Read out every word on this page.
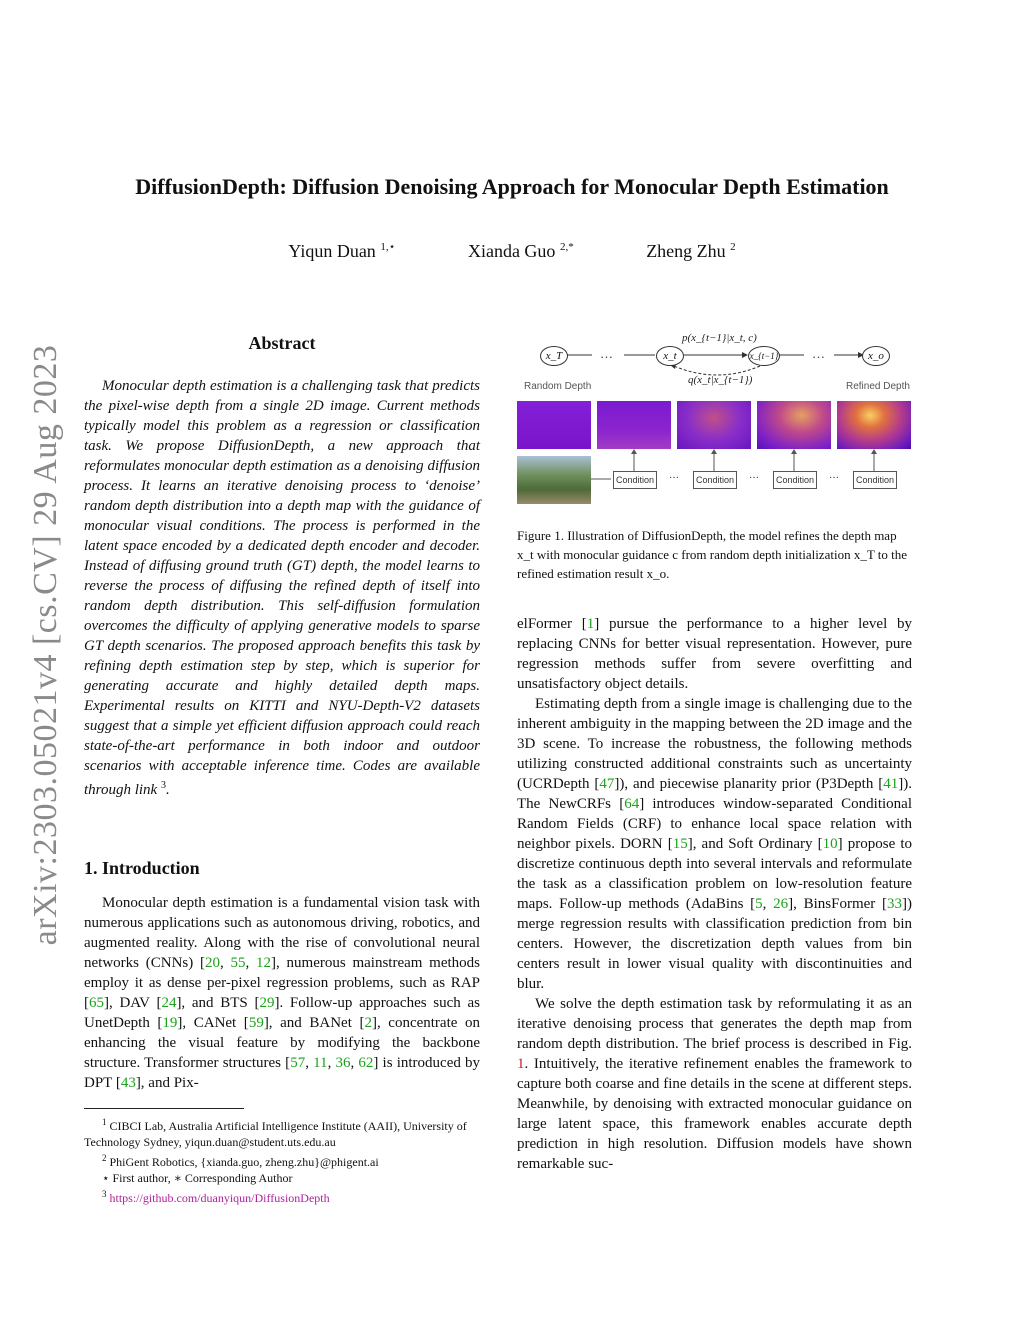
arXiv:2303.05021v4 [cs.CV] 29 Aug 2023
DiffusionDepth: Diffusion Denoising Approach for Monocular Depth Estimation
Yiqun Duan $^{1,⋆}$	Xianda Guo $^{2,*}$	Zheng Zhu $^2$
Abstract
Monocular depth estimation is a challenging task that predicts the pixel-wise depth from a single 2D image. Current methods typically model this problem as a regression or classification task. We propose DiffusionDepth, a new approach that reformulates monocular depth estimation as a denoising diffusion process. It learns an iterative denoising process to ‘denoise’ random depth distribution into a depth map with the guidance of monocular visual conditions. The process is performed in the latent space encoded by a dedicated depth encoder and decoder. Instead of diffusing ground truth (GT) depth, the model learns to reverse the process of diffusing the refined depth of itself into random depth distribution. This self-diffusion formulation overcomes the difficulty of applying generative models to sparse GT depth scenarios. The proposed approach benefits this task by refining depth estimation step by step, which is superior for generating accurate and highly detailed depth maps. Experimental results on KITTI and NYU-Depth-V2 datasets suggest that a simple yet efficient diffusion approach could reach state-of-the-art performance in both indoor and outdoor scenarios with acceptable inference time. Codes are available through link $^3$.
1. Introduction

Monocular depth estimation is a fundamental vision task with numerous applications such as autonomous driving, robotics, and augmented reality. Along with the rise of convolutional neural networks (CNNs) [20, 55, 12], numerous mainstream methods employ it as dense per-pixel regression problems, such as RAP [65], DAV [24], and BTS [29]. Follow-up approaches such as UnetDepth [19], CANet [59], and BANet [2], concentrate on enhancing the visual feature by modifying the backbone structure. Transformer structures [57, 11, 36, 62] is introduced by DPT [43], and Pix-

$^1$ CIBCI Lab, Australia Artificial Intelligence Institute (AAII), University of Technology Sydney, yiqun.duan@student.uts.edu.au
$^2$ PhiGent Robotics, {xianda.guo, zheng.zhu}@phigent.ai
⋆ First author, ∗ Corresponding Author
$^3$ https://github.com/duanyiqun/DiffusionDepth
x_T	…	x_t	x_{t−1}	…	x_o
p(x_{t−1}|x_t, c)
q(x_t|x_{t−1})
Random Depth	Refined Depth
Condition …	Condition …	Condition …	Condition
Figure 1. Illustration of DiffusionDepth, the model refines the depth map x_t with monocular guidance c from random depth initialization x_T to the refined estimation result x_o.

elFormer [1] pursue the performance to a higher level by replacing CNNs for better visual representation. However, pure regression methods suffer from severe overfitting and unsatisfactory object details.

Estimating depth from a single image is challenging due to the inherent ambiguity in the mapping between the 2D image and the 3D scene. To increase the robustness, the following methods utilizing constructed additional constraints such as uncertainty (UCRDepth [47]), and piecewise planarity prior (P3Depth [41]). The NewCRFs [64] introduces window-separated Conditional Random Fields (CRF) to enhance local space relation with neighbor pixels. DORN [15], and Soft Ordinary [10] propose to discretize continuous depth into several intervals and reformulate the task as a classification problem on low-resolution feature maps. Follow-up methods (AdaBins [5, 26], BinsFormer [33]) merge regression results with classification prediction from bin centers. However, the discretization depth values from bin centers result in lower visual quality with discontinuities and blur.

We solve the depth estimation task by reformulating it as an iterative denoising process that generates the depth map from random depth distribution. The brief process is described in Fig. 1. Intuitively, the iterative refinement enables the framework to capture both coarse and fine details in the scene at different steps. Meanwhile, by denoising with extracted monocular guidance on large latent space, this framework enables accurate depth prediction in high resolution. Diffusion models have shown remarkable suc-
